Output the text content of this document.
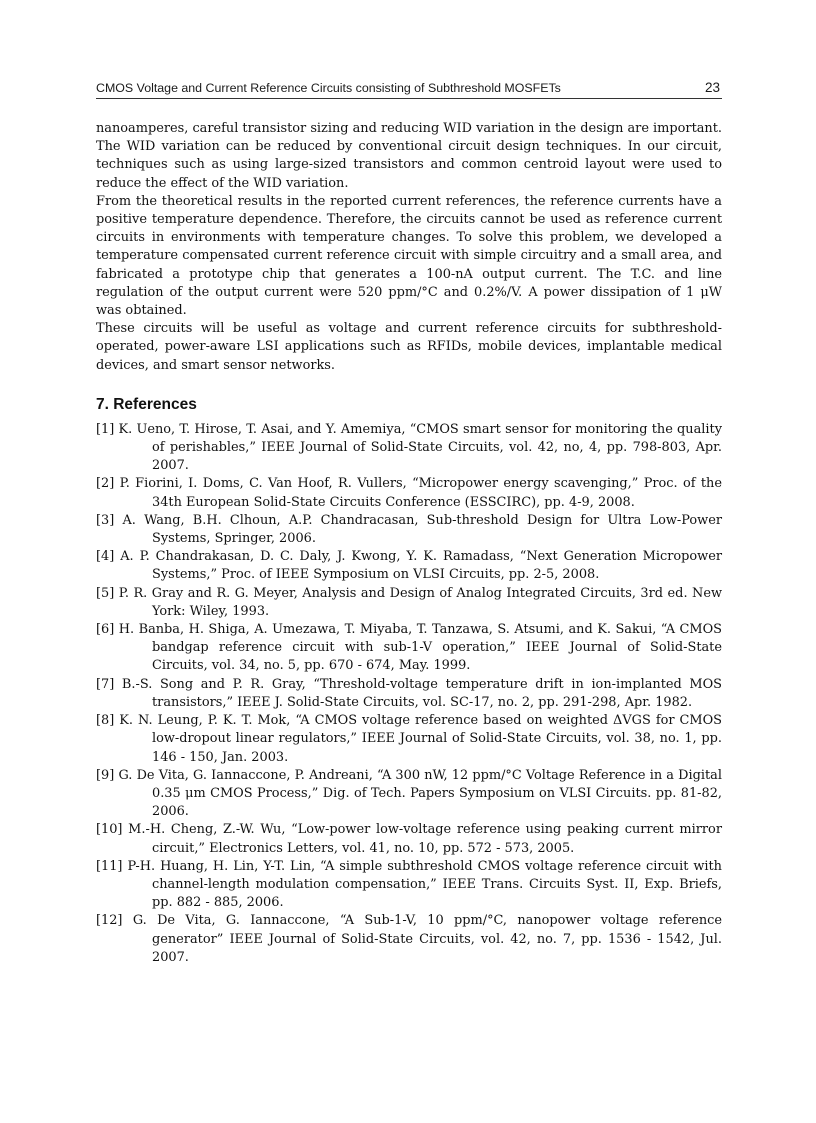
CMOS Voltage and Current Reference Circuits consisting of Subthreshold MOSFETs	23

nanoamperes, careful transistor sizing and reducing WID variation in the design are important. The WID variation can be reduced by conventional circuit design techniques. In our circuit, techniques such as using large-sized transistors and common centroid layout were used to reduce the effect of the WID variation.

From the theoretical results in the reported current references, the reference currents have a positive temperature dependence. Therefore, the circuits cannot be used as reference current circuits in environments with temperature changes. To solve this problem, we developed a temperature compensated current reference circuit with simple circuitry and a small area, and fabricated a prototype chip that generates a 100-nA output current. The T.C. and line regulation of the output current were 520 ppm/°C and 0.2%/V. A power dissipation of 1 μW was obtained.

These circuits will be useful as voltage and current reference circuits for subthreshold-operated, power-aware LSI applications such as RFIDs, mobile devices, implantable medical devices, and smart sensor networks.

7. References
[1] K. Ueno, T. Hirose, T. Asai, and Y. Amemiya, “CMOS smart sensor for monitoring the quality of perishables,” IEEE Journal of Solid-State Circuits, vol. 42, no, 4, pp. 798-803, Apr. 2007.
[2] P. Fiorini, I. Doms, C. Van Hoof, R. Vullers, “Micropower energy scavenging,” Proc. of the 34th European Solid-State Circuits Conference (ESSCIRC), pp. 4-9, 2008.
[3] A. Wang, B.H. Clhoun, A.P. Chandracasan, Sub-threshold Design for Ultra Low-Power Systems, Springer, 2006.
[4] A. P. Chandrakasan, D. C. Daly, J. Kwong, Y. K. Ramadass, “Next Generation Micropower Systems,” Proc. of IEEE Symposium on VLSI Circuits, pp. 2-5, 2008.
[5] P. R. Gray and R. G. Meyer, Analysis and Design of Analog Integrated Circuits, 3rd ed. New York: Wiley, 1993.
[6] H. Banba, H. Shiga, A. Umezawa, T. Miyaba, T. Tanzawa, S. Atsumi, and K. Sakui, “A CMOS bandgap reference circuit with sub-1-V operation,” IEEE Journal of Solid-State Circuits, vol. 34, no. 5, pp. 670 - 674, May. 1999.
[7] B.-S. Song and P. R. Gray, “Threshold-voltage temperature drift in ion-implanted MOS transistors,” IEEE J. Solid-State Circuits, vol. SC-17, no. 2, pp. 291-298, Apr. 1982.
[8] K. N. Leung, P. K. T. Mok, “A CMOS voltage reference based on weighted ΔVGS for CMOS low-dropout linear regulators,” IEEE Journal of Solid-State Circuits, vol. 38, no. 1, pp. 146 - 150, Jan. 2003.
[9] G. De Vita, G. Iannaccone, P. Andreani, “A 300 nW, 12 ppm/°C Voltage Reference in a Digital 0.35 μm CMOS Process,” Dig. of Tech. Papers Symposium on VLSI Circuits. pp. 81-82, 2006.
[10] M.-H. Cheng, Z.-W. Wu, “Low-power low-voltage reference using peaking current mirror circuit,” Electronics Letters, vol. 41, no. 10, pp. 572 - 573, 2005.
[11] P-H. Huang, H. Lin, Y-T. Lin, “A simple subthreshold CMOS voltage reference circuit with channel-length modulation compensation,” IEEE Trans. Circuits Syst. II, Exp. Briefs, pp. 882 - 885, 2006.
[12] G. De Vita, G. Iannaccone, “A Sub-1-V, 10 ppm/°C, nanopower voltage reference generator” IEEE Journal of Solid-State Circuits, vol. 42, no. 7, pp. 1536 - 1542, Jul. 2007.
